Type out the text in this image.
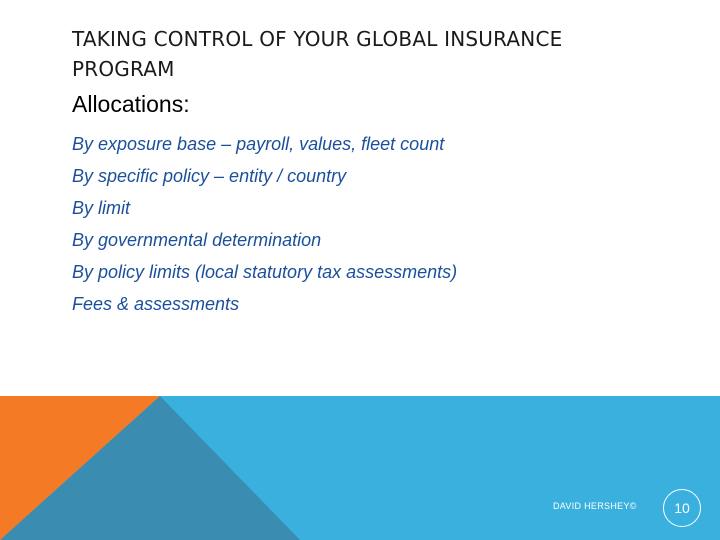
TAKING CONTROL OF YOUR GLOBAL INSURANCE PROGRAM
Allocations:
By exposure base – payroll, values, fleet count
By specific policy – entity / country
By limit
By governmental determination
By policy limits (local statutory tax assessments)
Fees & assessments
DAVID HERSHEY©	10
